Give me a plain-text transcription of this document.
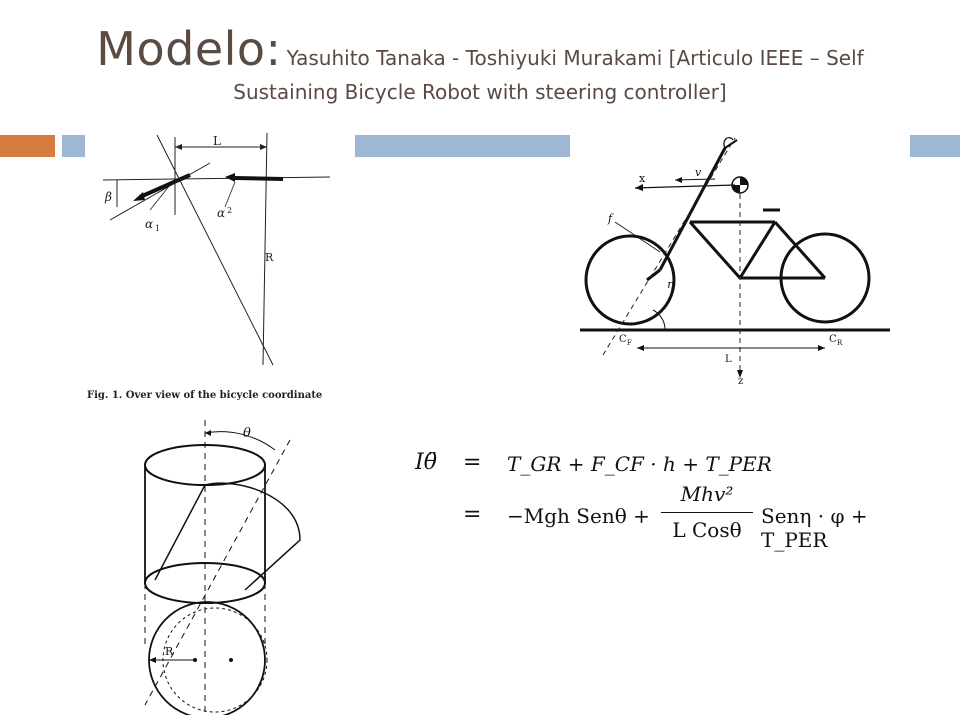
Modelo: Yasuhito Tanaka - Toshiyuki Murakami [Articulo IEEE – Self
Sustaining Bicycle Robot with steering controller]
L
β
α 1
α 2
R
Fig. 1. Over view of the bicycle coordinate
x	v
f
η
C F	C R
L
z
θ
R
Iθ̈ = T_GR + F_CF · h + T_PER
= −Mgh Senθ +
Mhv²
L Cosθ
Senη · φ + T_PER
